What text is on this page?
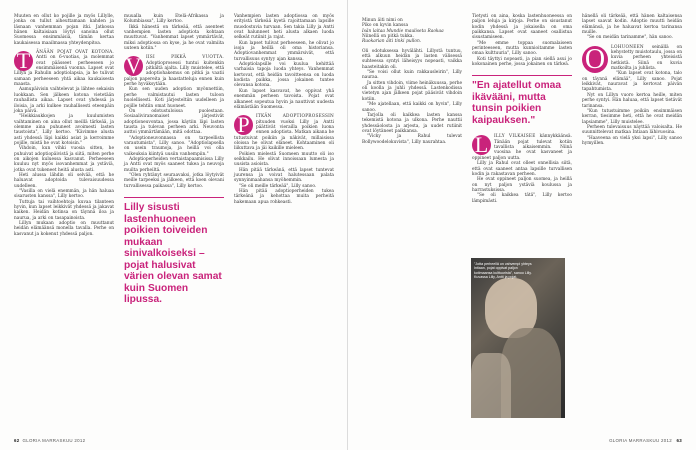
Muuten en ollut ko pojille ja myös Lillylle, jonka on tullut aiheuttamaan kahden ja läsnaan vanhemman pojan itki. Jatkossa hänen kaltaisiaan löytyi sanoina ollut Suomessa ensimmäisiä, tämän kertaa kaukaisessa maailmassa yhteydenpitoa.

T	ÄNÄÄN POJAT OVAT KOTONA. Antti on 6-vuotias, ja molemmat ovat päässeet perheeseen jo ensimmäisenä vuonna. Lapset ovat Lillyn ja Rahulin adoptiolapsia, ja he tulivat samaan perheeseen yhtä aikaa kaukaisesta maasta.

Aamupäivisin vaihtelevat ja lähtee sekaisin luokkaan. Sen jälkeen kotona vietetään rauhallista aikaa. Lapset ovat yhdessä ja iloisia, ja arki kulkee rauhallisesti eteenpäin joka päivä.

"Heikkiaukkojen ja kuulumisten vaihtaminen on aina ollut meillä tärkeää, ja olemme aina puhuneet avoimesti lasten taustoista", Lilly kertoo. "Kävimme alusta asti yhdessä läpi kaikki asiat ja kerroimme pojille, mistä he ovat kotoisin."

Vihdoin, kun vihki vuosia sitten, he puhuivat adoptiopäivistä ja siitä, miten perhe on aikojen kuluessa kasvanut. Perheeseen kuuluu nyt myös isovanhemmat ja ystäviä, jotka ovat tukeneet heitä alusta asti.

Heti alussa lähdin oli selvää, että he haluavat adoptoida tulevaisuudessa uudelleen.

"Vasilla on vielä enemmän, ja hän haluaa sisarusten kanssa", Lilly kertoo.

Tuttuja tai vaihtoehtoja kuvaa tilanteen hyvin, kun lapset leikkivät yhdessä ja jakavat kaiken. Heidän kotinsa on täynnä iloa ja naurua, ja arki on tasapainoista.

Lillyn mukaan adoptio on muuttanut heidän elämäänsä monella tavalla. Perhe on kasvanut ja kokenut yhdessä paljon.

muualla kuin Etelä-Afrikassa ja Kolumbiassa", Lilly kertoo.

Ikkä hänestä on tärkeää, että asenteet vanhempien lasten adoptiota kohtaan muuttuvat. "Vanhemmat lapset ymmärtävät, miksi adoptiossa on kyse, ja he ovat valmiita uuteen kotiin."

V	IISI PIKKÄ VUOTTA. Adoptioprosessi tuntui kuitenkin pitkältä ajalta. Lilly muistelee, että adoptiohakemus on pitkä ja vaatii paljon papereita ja haastatteluja ennen kuin perhe hyväksytään.

Kun sen uuden adoption myönnettiin, perhe valmistautui lasten tuloon huolellisesti. Koti järjesteltiin uudelleen ja pojille tehtiin omat huoneet.

On odotustuloissa puolestaan. Sosiaaliviranomaiset järjestivät adoptioneuvontaa, jossa käytiin läpi lasten tausta ja tulevan perheen arki. Neuvonta auttoi ymmärtämään, mitä odottaa.

"Adoptioneuvonnassa on tarpeellista varautumista", Lilly sanoo. "Adoptiolapsella on usein traumoja, ja heillä voi olla vaikeuksia kiintyä uusiin vanhempiin."

Adoptioperheiden vertaistapaamisissa Lilly ja Antti ovat myös saaneet tukea ja neuvoja muilta perheiltä.

"Olen ryhtänyt seuraavaksi, jotka löytyivät meille tarpeeksi ja jälkeen, että koen olevani turvallisessa paikassa", Lilly kertoo.

Lilly sisusti lastenhuoneen poikien toiveiden mukaan sinivalkoiseksi – pojat halusivat värien olevan samat kuin Suomen lipussa.

Vanhempien lasten adoptiossa on myös erityistä tärkeää kyetä rajoittamaan lapsille muodostuvia turvaan. Sen takia Lilly ja Antti ovat halunneet heti alusta alkaen luoda selkeät rutiinit ja rajat.

Kun lapset tulivat perheeseen, he olivat jo isoja ja heillä oli oma historiansa. Adoptiovanhemmat ymmärsivät, että turvallisuus syntyy ajan kanssa.

Adoptiolapsille voi kuulua kehittää varhaisia tapoja luoda yhteys. Vanhemmat kertovat, että heidän tavoitteensa on luoda kodista paikka, jossa jokainen tuntee olevansa kotona.

Kun lapset kasvavat, he oppivat yhä enemmän perheen tavoista. Pojat ovat alkaneet sopeutua hyvin ja nauttivat uudesta elämästään Suomessa.

P	ITKÄN ADOPTIOPROSESSIN pituuden vuoksi Lilly ja Antti päättivät vierailla poikien luona ennen adoptiota. Matkan aikana he tutustuivat poikiin ja näkivät, millaisissa oloissa he olivat eläneet. Kohtaaminen oli liikuttava ja jäi kaikille mieleen.

Poikien mielestä Suomeen muutto oli iso seikkailu. He olivat innoissaan lumesta ja uusista asioista.

Hän pitää tärkeänä, että lapset tuntevat juurensa ja voivat halutessaan palata synnyinmaahansa myöhemmin.

"Se oli meille tärkeää", Lilly sanoo.

Hän pitää adoptioperheiden tukea tärkeänä ja kehottaa muita perheitä hakemaan apua rohkeasti.

62 GLORIA MARRASKUU 2012
Minun äiti nimi on
Piko on kyvin kanssa
Isän laitaa Mundie mauliseta Raokaa
Niinellä on pitkä tukka.
Ruokarian äiti tinki pullon.

Oli odotuksessa hyvälähti. Lillystä tuntuu, että alkuun heidän ja lasten välisessä suhteessa syntyi läheisyys nopeasti, vaikka haasteitakin oli.

"Se voisi ollut kuin rakkausleirin", Lilly nauraa.

Ja sitten vihdoin, viime heinäkuussa, perhe oli koolla ja juhli yhdessä. Lastenkodissa vietetyn ajan jälkeen pojat pääsivät vihdoin kotiin.

"Me ajatellaan, että kaikki on hyvin", Lilly sanoo.

Tarjolla oli kaikkea lasten kanssa tekemistä kotona ja ulkona. Perhe nauttii yhdessäolosta ja arjesta, ja uudet rutiinit ovat löytäneet paikkansa.

"Vicky ja Rahul tulevat Bollywoodelokuvista", Lilly naurahtaa.

Tietysti on aina, koska lastenhuoneessa on paljon leluja ja kirjoja. Perhe on sisustanut kodin yhdessä ja jokaisella on oma paikkansa. Lapset ovat saaneet osallistua sisustamiseen.

"Me emme toppaa suomalaiseen perinteeseen, mutta kunnioitamme lasten omaa kulttuuria", Lilly sanoo.

Koti täyttyi nopeasti, ja pian siellä asui jo kokonainen perhe, jossa jokainen on tärkeä.

"En ajatellut omaa ikävääni, mutta tunsin poikien kaipauksen."

L	ILLY VILKAISEE kännykkäänsä. Tänään pojat tulevat kotiin tavallista aikaisemmin. Niinä vuosina he ovat kasvaneet ja oppineet paljon uutta.

Lilly ja Rahul ovat olleet onnellisia siitä, että ovat saaneet antaa lapsille turvallisen kodin ja rakastavan perheen.

He ovat oppineet paljon suomea, ja heillä on nyt paljon ystäviä koulussa ja harrastuksissa.

"Se oli kaikkea tätä", Lilly kertoo lämpimästi.

"Jotta perheellä on vahvempi yhteys Intiaan, pojat oppivat paljon kotimaansa kulttuurista", sanoo Lilly. Kuvassa Lilly, Antti ja pojat.

hänellä oli tärkeää, että hänen kaltaisensa lapset saavat kodin. Adoptio muutti heidän elämänsä, ja he haluavat kertoa tarinansa muille.

"Se on meidän tarinamme", hän sanoo.

O	LOHUONEEN seinällä on kehystetty muistotaulu, jossa on kuvia perheen yhteisistä hetkistä. Siinä on kuvia matkoilta ja juhlista.

"Kun lapset ovat kotona, talo on täynnä elämää", Lilly sanoo. Pojat leikkivät, nauravat ja kertovat päivän tapahtumista.

Nyt on Lillyn vuoro kertoa heille, miten perhe syntyi. Hän haluaa, että lapset tietävät tarinansa.

"Kun tutustuimme poikiin ensimmäisen kerran, tiesimme heti, että he ovat meidän lapsiamme", Lilly muistelee.

Perheen tulevaisuus näyttää valoisalta. He suunnittelevat matkaa Intiaan lähivuosina.

"Haaveena on vielä yksi lapsi", Lilly sanoo hymyillen.

GLORIA MARRASKUU 2012 63
